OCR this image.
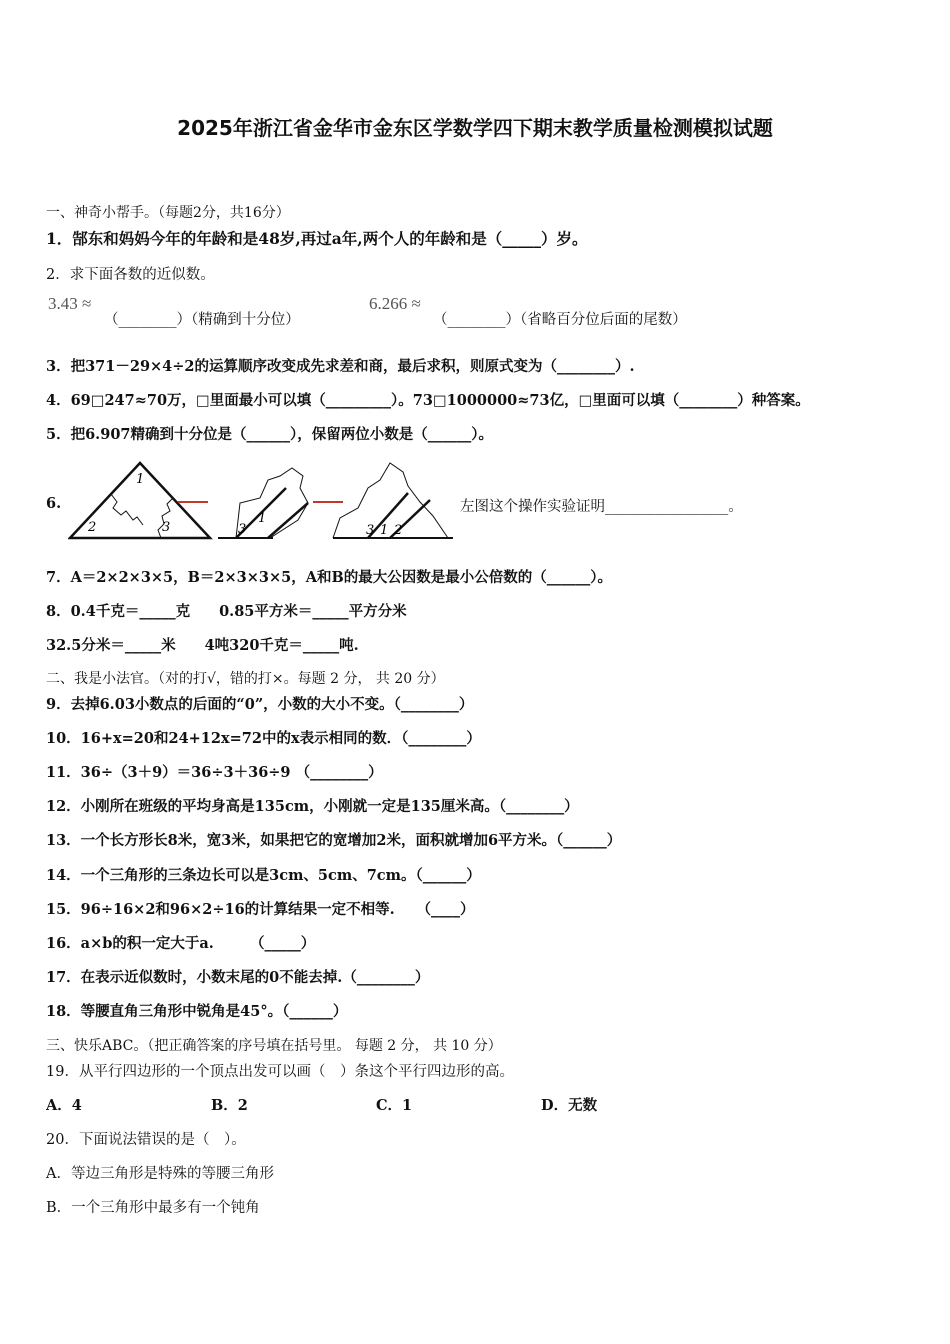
2025年浙江省金华市金东区学数学四下期末教学质量检测模拟试题
一、神奇小帮手。（每题2分，共16分）
1．郜东和妈妈今年的年龄和是48岁,再过a年,两个人的年龄和是（_____）岁。
2．求下面各数的近似数。
3.43 ≈
（________）（精确到十分位）
6.266 ≈
（________）（省略百分位后面的尾数）
3．把371－29×4÷2的运算顺序改变成先求差和商，最后求积，则原式变为（________）.
4．69□247≈70万，□里面最小可以填（_________）。73□1000000≈73亿，□里面可以填（________）种答案。
5．把6.907精确到十分位是（______），保留两位小数是（______）。
6.
1
2	3	3
1
3 1 2
左图这个操作实验证明_________________。
7．A＝2×2×3×5，B＝2×3×3×5，A和B的最大公因数是最小公倍数的（______）。
8．0.4千克＝_____克　　0.85平方米＝_____平方分米
32.5分米＝_____米　　4吨320千克＝_____吨.
二、我是小法官。（对的打√，错的打×。每题 2 分， 共 20 分）
9．去掉6.03小数点的后面的“0”，小数的大小不变。（________）
10．16+x=20和24+12x=72中的x表示相同的数．（________）
11．36÷（3＋9）＝36÷3＋36÷9 （________）
12．小刚所在班级的平均身高是135cm，小刚就一定是135厘米高。（________）
13．一个长方形长8米，宽3米，如果把它的宽增加2米，面积就增加6平方米。（______）
14．一个三角形的三条边长可以是3cm、5cm、7cm。（______）
15．96÷16×2和96×2÷16的计算结果一定不相等.　　（____）
16．a×b的积一定大于a.　　　（_____）
17．在表示近似数时，小数末尾的0不能去掉.（________）
18．等腰直角三角形中锐角是45°。（______）
三、快乐ABC。（把正确答案的序号填在括号里。 每题 2 分， 共 10 分）
19．从平行四边形的一个顶点出发可以画（　）条这个平行四边形的高。
A．4	B．2	C．1	D．无数
20．下面说法错误的是（　）。
A．等边三角形是特殊的等腰三角形
B．一个三角形中最多有一个钝角
